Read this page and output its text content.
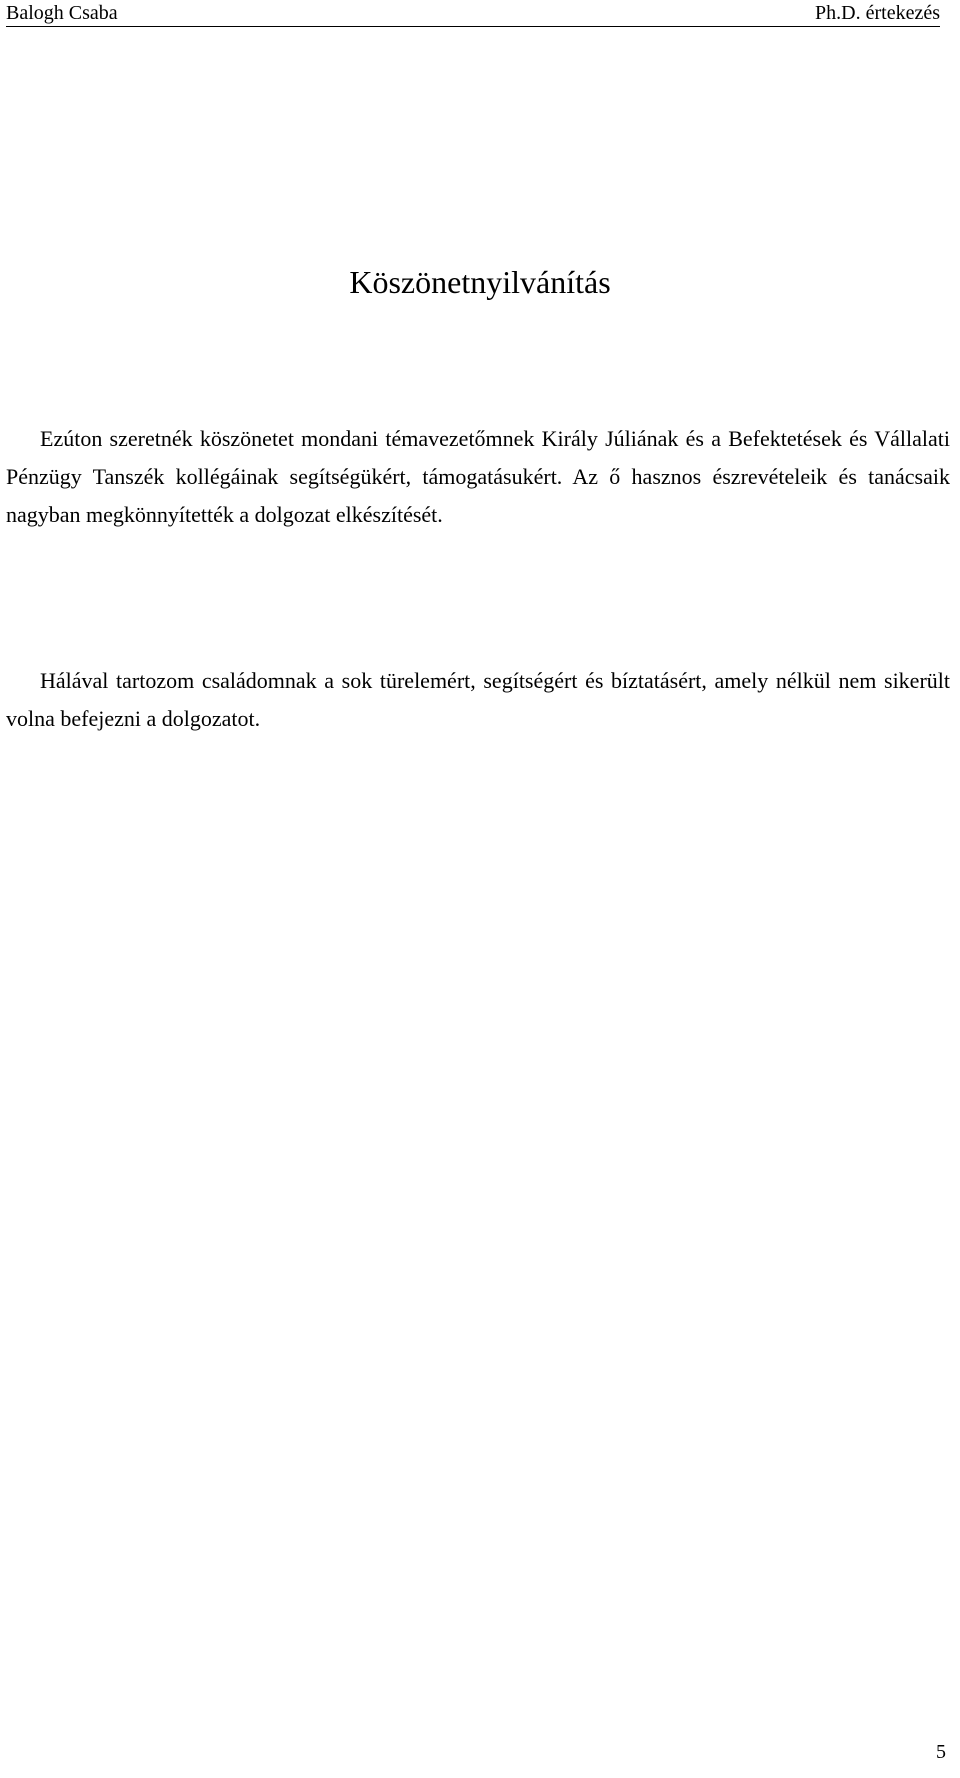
Balogh Csaba	Ph.D. értekezés
Köszönetnyilvánítás

Ezúton szeretnék köszönetet mondani témavezetőmnek Király Júliának és a Befektetések és Vállalati Pénzügy Tanszék kollégáinak segítségükért, támogatásukért. Az ő hasznos észrevételeik és tanácsaik nagyban megkönnyítették a dolgozat elkészítését.

Hálával tartozom családomnak a sok türelemért, segítségért és bíztatásért, amely nélkül nem sikerült volna befejezni a dolgozatot.

5
